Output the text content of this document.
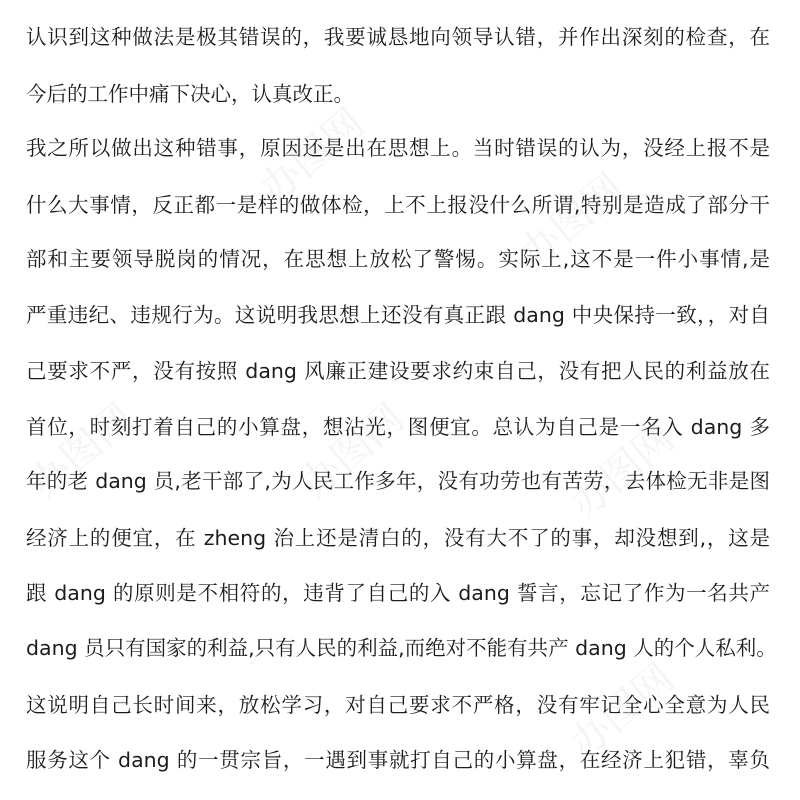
办图网
办图网
办图网	办图网	办图网
办图网
认识到这种做法是极其错误的，我要诚恳地向领导认错，并作出深刻的检查，在
今后的工作中痛下决心，认真改正。
我之所以做出这种错事，原因还是出在思想上。当时错误的认为，没经上报不是
什么大事情，反正都一是样的做体检，上不上报没什么所谓,特别是造成了部分干
部和主要领导脱岗的情况，在思想上放松了警惕。实际上,这不是一件小事情,是
严重违纪、违规行为。这说明我思想上还没有真正跟 dang 中央保持一致，，对自
己要求不严，没有按照 dang 风廉正建设要求约束自己，没有把人民的利益放在
首位，时刻打着自己的小算盘，想沾光，图便宜。总认为自己是一名入 dang 多
年的老 dang 员,老干部了,为人民工作多年，没有功劳也有苦劳，去体检无非是图
经济上的便宜，在 zheng 治上还是清白的，没有大不了的事，却没想到,，这是
跟 dang 的原则是不相符的，违背了自己的入 dang 誓言，忘记了作为一名共产
dang 员只有国家的利益,只有人民的利益,而绝对不能有共产 dang 人的个人私利。
这说明自己长时间来，放松学习，对自己要求不严格，没有牢记全心全意为人民
服务这个 dang 的一贯宗旨，一遇到事就打自己的小算盘，在经济上犯错，辜负
